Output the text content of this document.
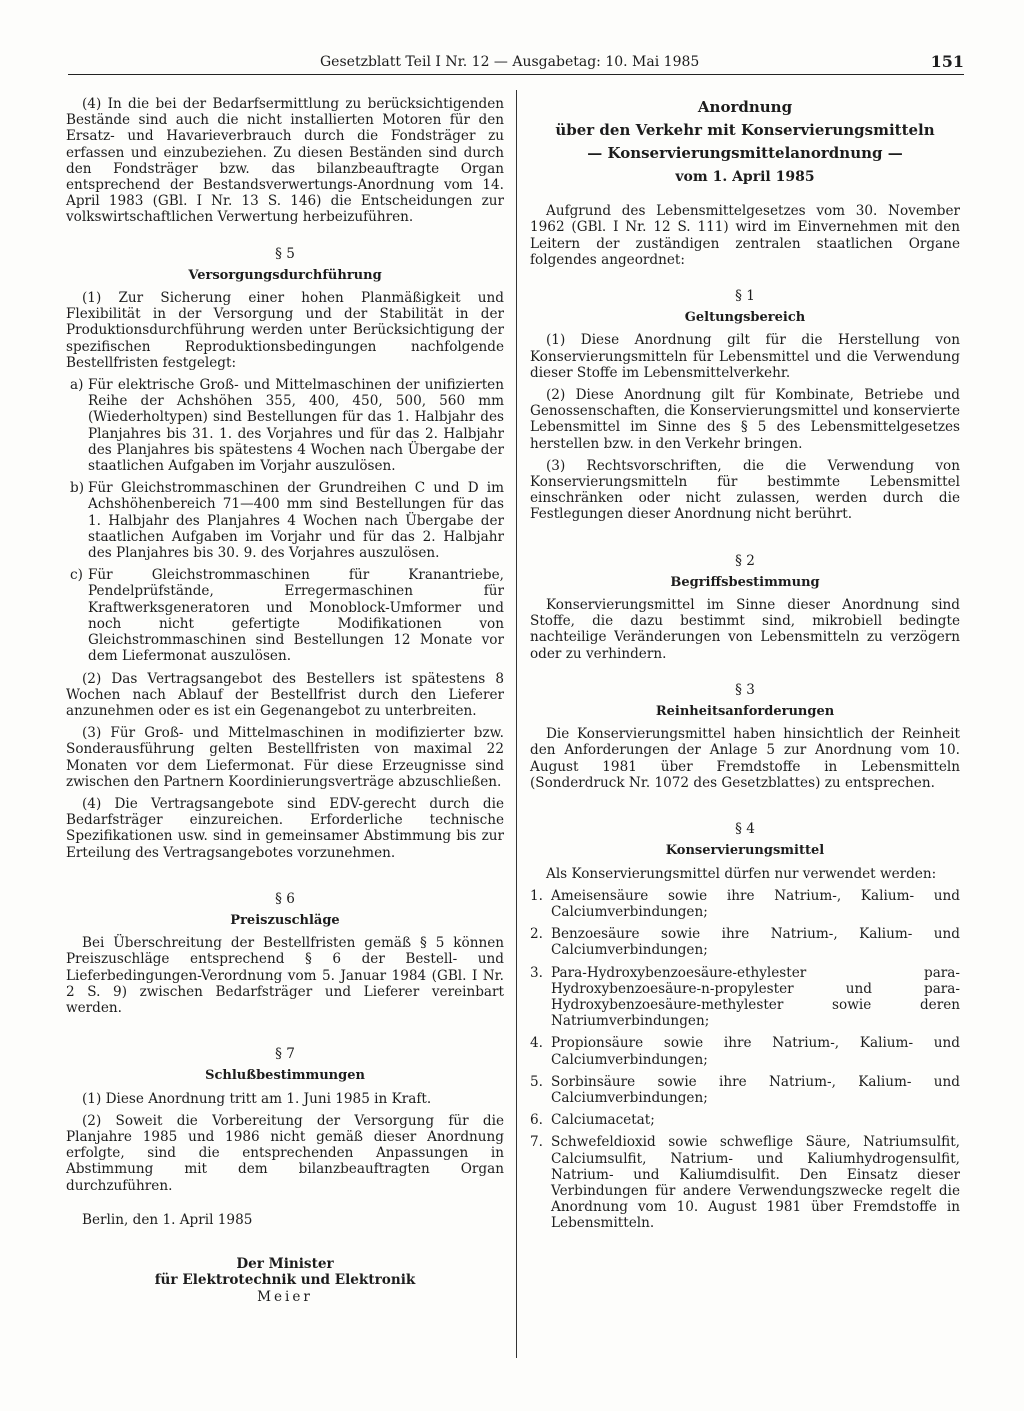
Gesetzblatt Teil I Nr. 12 — Ausgabetag: 10. Mai 1985	151

(4) In die bei der Bedarfsermittlung zu berücksichtigenden Bestände sind auch die nicht installierten Motoren für den Ersatz- und Havarieverbrauch durch die Fondsträger zu erfassen und einzubeziehen. Zu diesen Beständen sind durch den Fondsträger bzw. das bilanzbeauftragte Organ entsprechend der Bestandsverwertungs-Anordnung vom 14. April 1983 (GBl. I Nr. 13 S. 146) die Entscheidungen zur volkswirtschaftlichen Verwertung herbeizuführen.

§ 5
Versorgungsdurchführung

(1) Zur Sicherung einer hohen Planmäßigkeit und Flexibilität in der Versorgung und der Stabilität in der Produktionsdurchführung werden unter Berücksichtigung der spezifischen Reproduktionsbedingungen nachfolgende Bestellfristen festgelegt:

a) Für elektrische Groß- und Mittelmaschinen der unifizierten Reihe der Achshöhen 355, 400, 450, 500, 560 mm (Wiederholtypen) sind Bestellungen für das 1. Halbjahr des Planjahres bis 31. 1. des Vorjahres und für das 2. Halbjahr des Planjahres bis spätestens 4 Wochen nach Übergabe der staatlichen Aufgaben im Vorjahr auszulösen.
b) Für Gleichstrommaschinen der Grundreihen C und D im Achshöhenbereich 71—400 mm sind Bestellungen für das 1. Halbjahr des Planjahres 4 Wochen nach Übergabe der staatlichen Aufgaben im Vorjahr und für das 2. Halbjahr des Planjahres bis 30. 9. des Vorjahres auszulösen.
c) Für Gleichstrommaschinen für Kranantriebe, Pendelprüfstände, Erregermaschinen für Kraftwerksgeneratoren und Monoblock-Umformer und noch nicht gefertigte Modifikationen von Gleichstrommaschinen sind Bestellungen 12 Monate vor dem Liefermonat auszulösen.

(2) Das Vertragsangebot des Bestellers ist spätestens 8 Wochen nach Ablauf der Bestellfrist durch den Lieferer anzunehmen oder es ist ein Gegenangebot zu unterbreiten.

(3) Für Groß- und Mittelmaschinen in modifizierter bzw. Sonderausführung gelten Bestellfristen von maximal 22 Monaten vor dem Liefermonat. Für diese Erzeugnisse sind zwischen den Partnern Koordinierungsverträge abzuschließen.

(4) Die Vertragsangebote sind EDV-gerecht durch die Bedarfsträger einzureichen. Erforderliche technische Spezifikationen usw. sind in gemeinsamer Abstimmung bis zur Erteilung des Vertragsangebotes vorzunehmen.

§ 6
Preiszuschläge

Bei Überschreitung der Bestellfristen gemäß § 5 können Preiszuschläge entsprechend § 6 der Bestell- und Lieferbedingungen-Verordnung vom 5. Januar 1984 (GBl. I Nr. 2 S. 9) zwischen Bedarfsträger und Lieferer vereinbart werden.

§ 7
Schlußbestimmungen

(1) Diese Anordnung tritt am 1. Juni 1985 in Kraft.

(2) Soweit die Vorbereitung der Versorgung für die Planjahre 1985 und 1986 nicht gemäß dieser Anordnung erfolgte, sind die entsprechenden Anpassungen in Abstimmung mit dem bilanzbeauftragten Organ durchzuführen.

Berlin, den 1. April 1985

Der Minister
für Elektrotechnik und Elektronik
Meier
Anordnung
über den Verkehr mit Konservierungsmitteln
— Konservierungsmittelanordnung —
vom 1. April 1985

Aufgrund des Lebensmittelgesetzes vom 30. November 1962 (GBl. I Nr. 12 S. 111) wird im Einvernehmen mit den Leitern der zuständigen zentralen staatlichen Organe folgendes angeordnet:

§ 1
Geltungsbereich

(1) Diese Anordnung gilt für die Herstellung von Konservierungsmitteln für Lebensmittel und die Verwendung dieser Stoffe im Lebensmittelverkehr.

(2) Diese Anordnung gilt für Kombinate, Betriebe und Genossenschaften, die Konservierungsmittel und konservierte Lebensmittel im Sinne des § 5 des Lebensmittelgesetzes herstellen bzw. in den Verkehr bringen.

(3) Rechtsvorschriften, die die Verwendung von Konservierungsmitteln für bestimmte Lebensmittel einschränken oder nicht zulassen, werden durch die Festlegungen dieser Anordnung nicht berührt.

§ 2
Begriffsbestimmung

Konservierungsmittel im Sinne dieser Anordnung sind Stoffe, die dazu bestimmt sind, mikrobiell bedingte nachteilige Veränderungen von Lebensmitteln zu verzögern oder zu verhindern.

§ 3
Reinheitsanforderungen

Die Konservierungsmittel haben hinsichtlich der Reinheit den Anforderungen der Anlage 5 zur Anordnung vom 10. August 1981 über Fremdstoffe in Lebensmitteln (Sonderdruck Nr. 1072 des Gesetzblattes) zu entsprechen.

§ 4
Konservierungsmittel

Als Konservierungsmittel dürfen nur verwendet werden:

1. Ameisensäure sowie ihre Natrium-, Kalium- und Calciumverbindungen;
2. Benzoesäure sowie ihre Natrium-, Kalium- und Calciumverbindungen;
3. Para-Hydroxybenzoesäure-ethylester para-Hydroxybenzoesäure-n-propylester und para-Hydroxybenzoesäure-methylester sowie deren Natriumverbindungen;
4. Propionsäure sowie ihre Natrium-, Kalium- und Calciumverbindungen;
5. Sorbinsäure sowie ihre Natrium-, Kalium- und Calciumverbindungen;
6. Calciumacetat;
7. Schwefeldioxid sowie schweflige Säure, Natriumsulfit, Calciumsulfit, Natrium- und Kaliumhydrogensulfit, Natrium- und Kaliumdisulfit. Den Einsatz dieser Verbindungen für andere Verwendungszwecke regelt die Anordnung vom 10. August 1981 über Fremdstoffe in Lebensmitteln.
